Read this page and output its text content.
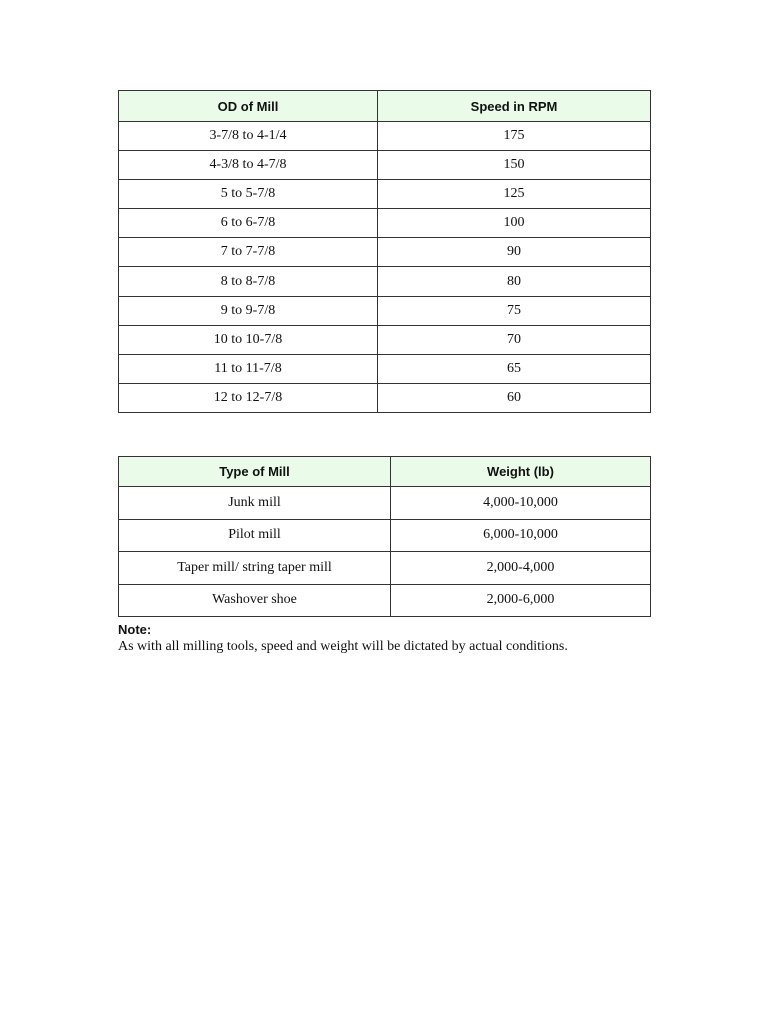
OD of Mill	Speed in RPM
3-7/8 to 4-1/4	175
4-3/8 to 4-7/8	150
5 to 5-7/8	125
6 to 6-7/8	100
7 to 7-7/8	90
8 to 8-7/8	80
9 to 9-7/8	75
10 to 10-7/8	70
11 to 11-7/8	65
12 to 12-7/8	60
Type of Mill	Weight (lb)
Junk mill	4,000-10,000
Pilot mill	6,000-10,000
Taper mill/ string taper mill	2,000-4,000
Washover shoe	2,000-6,000
Note:
As with all milling tools, speed and weight will be dictated by actual conditions.
